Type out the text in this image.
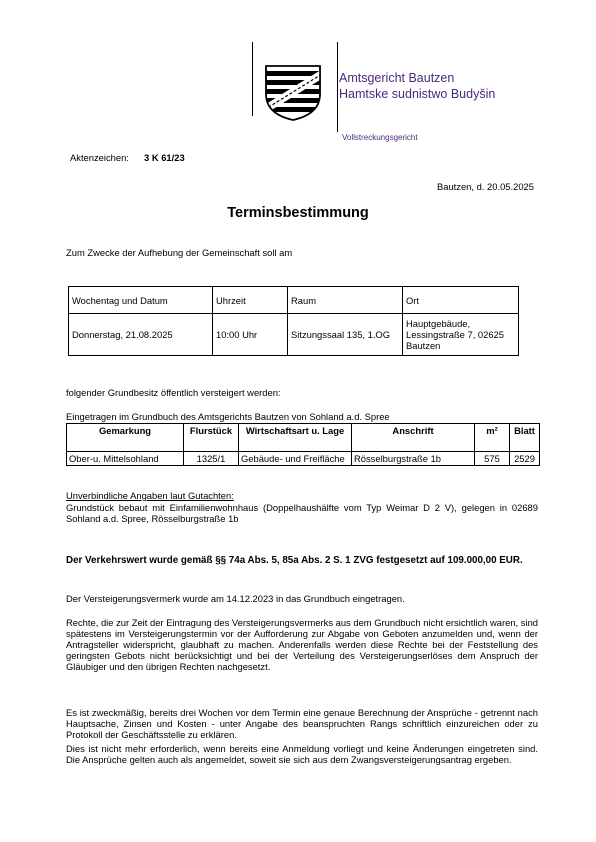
Amtsgericht Bautzen
Hamtske sudnistwo Budyšin
Vollstreckungsgericht
Aktenzeichen: 3 K 61/23
Bautzen, d. 20.05.2025
Terminsbestimmung
Zum Zwecke der Aufhebung der Gemeinschaft soll am
Wochentag und Datum	Uhrzeit	Raum	Ort
Donnerstag, 21.08.2025	10:00 Uhr	Sitzungssaal 135, 1.OG	Hauptgebäude, Lessingstraße 7, 02625 Bautzen
folgender Grundbesitz öffentlich versteigert werden:
Eingetragen im Grundbuch des Amtsgerichts Bautzen von Sohland a.d. Spree
Gemarkung	Flurstück	Wirtschaftsart u. Lage	Anschrift	m²	Blatt
Ober-u. Mittelsohland	1325/1	Gebäude- und Freifläche	Rösselburgstraße 1b	575	2529
Unverbindliche Angaben laut Gutachten:
Grundstück bebaut mit Einfamilienwohnhaus (Doppelhaushälfte vom Typ Weimar D 2 V), gelegen in 02689 Sohland a.d. Spree, Rösselburgstraße 1b
Der Verkehrswert wurde gemäß §§ 74a Abs. 5, 85a Abs. 2 S. 1 ZVG festgesetzt auf 109.000,00 EUR.
Der Versteigerungsvermerk wurde am 14.12.2023 in das Grundbuch eingetragen.
Rechte, die zur Zeit der Eintragung des Versteigerungsvermerks aus dem Grundbuch nicht ersichtlich waren, sind spätestens im Versteigerungstermin vor der Aufforderung zur Abgabe von Geboten anzumelden und, wenn der Antragsteller widerspricht, glaubhaft zu machen. Anderenfalls werden diese Rechte bei der Feststellung des geringsten Gebots nicht berücksichtigt und bei der Verteilung des Versteigerungserlöses dem Anspruch der Gläubiger und den übrigen Rechten nachgesetzt.
Es ist zweckmäßig, bereits drei Wochen vor dem Termin eine genaue Berechnung der Ansprüche - getrennt nach Hauptsache, Zinsen und Kosten - unter Angabe des beanspruchten Rangs schriftlich einzureichen oder zu Protokoll der Geschäftsstelle zu erklären.
Dies ist nicht mehr erforderlich, wenn bereits eine Anmeldung vorliegt und keine Änderungen eingetreten sind. Die Ansprüche gelten auch als angemeldet, soweit sie sich aus dem Zwangsversteigerungsantrag ergeben.
